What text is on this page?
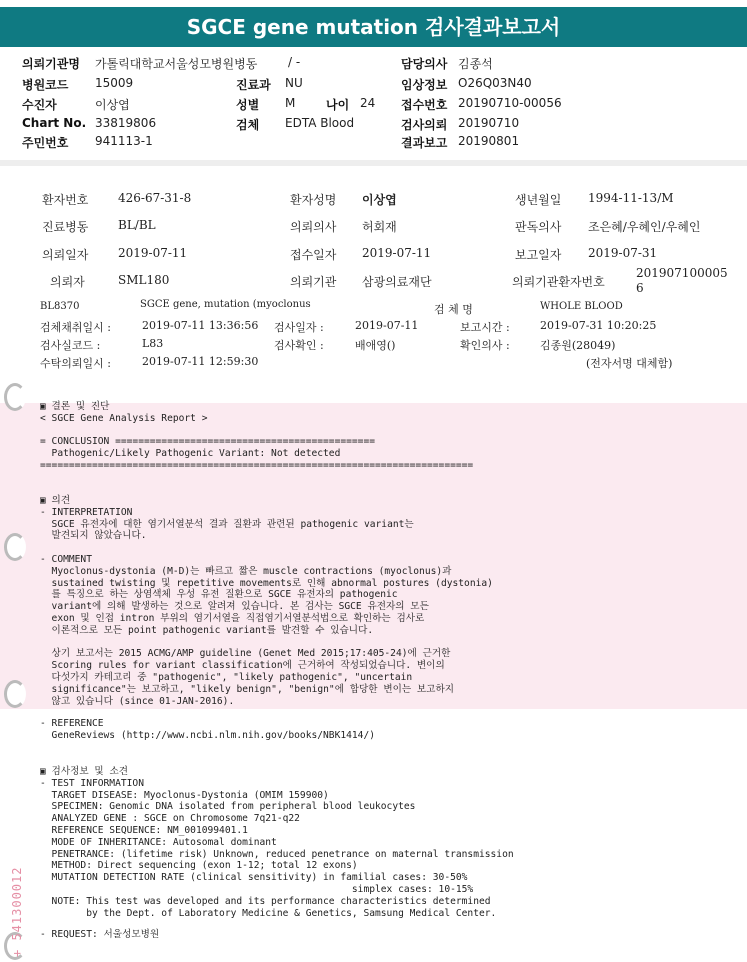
SGCE gene mutation 검사결과보고서
의뢰기관명 가톨릭대학교서울성모병원병동	/ -	담당의사 김종석
병원코드 15009	진료과 NU	임상정보 O26Q03N40
수진자	이상엽	성별 M	나이 24 접수번호 20190710-00056
Chart No. 33819806	검체 EDTA Blood	검사의뢰 20190710
주민번호 941113-1	결과보고 20190801
환자번호 426-67-31-8	환자성명 이상엽	생년월일 1994-11-13/M
진료병동 BL/BL	의뢰의사 허회재	판독의사 조은혜/우혜인/우혜인
의뢰일자 2019-07-11	접수일자 2019-07-11	보고일자 2019-07-31
의뢰자	SML180	의뢰기관 삼광의료재단	의뢰기관환자번호
201907100005
6
BL8370	SGCE gene, mutation (myoclonus	검 체 명	WHOLE BLOOD
검체채취일시 :	2019-07-11 13:36:56 검사일자 :	2019-07-11	보고시간 :	2019-07-31 10:20:25
검사실코드 :	L83	검사확인 :	배애영()	확인의사 :	김종원(28049)
수탁의뢰일시 :	2019-07-11 12:59:30	(전자서명 대체함)
▣ 결론 및 진단
< SGCE Gene Analysis Report >

= CONCLUSION =============================================
Pathogenic/Likely Pathogenic Variant: Not detected
===========================================================================
▣ 의견
- INTERPRETATION
SGCE 유전자에 대한 염기서열분석 결과 질환과 관련된 pathogenic variant는
발견되지 않았습니다.

- COMMENT
Myoclonus-dystonia (M-D)는 빠르고 짧은 muscle contractions (myoclonus)과
sustained twisting 및 repetitive movements로 인해 abnormal postures (dystonia)
를 특징으로 하는 상염색체 우성 유전 질환으로 SGCE 유전자의 pathogenic
variant에 의해 발생하는 것으로 알려져 있습니다. 본 검사는 SGCE 유전자의 모든
exon 및 인접 intron 부위의 염기서열을 직접염기서열분석법으로 확인하는 검사로
이론적으로 모든 point pathogenic variant를 발견할 수 있습니다.

상기 보고서는 2015 ACMG/AMP guideline (Genet Med 2015;17:405-24)에 근거한
Scoring rules for variant classification에 근거하여 작성되었습니다. 변이의
다섯가지 카테고리 중 "pathogenic", "likely pathogenic", "uncertain
significance"는 보고하고, "likely benign", "benign"에 합당한 변이는 보고하지
않고 있습니다 (since 01-JAN-2016).
- REFERENCE
GeneReviews (http://www.ncbi.nlm.nih.gov/books/NBK1414/)
▣ 검사정보 및 소견
- TEST INFORMATION
TARGET DISEASE: Myoclonus-Dystonia (OMIM 159900)
SPECIMEN: Genomic DNA isolated from peripheral blood leukocytes
ANALYZED GENE : SGCE on Chromosome 7q21-q22
REFERENCE SEQUENCE: NM_001099401.1
MODE OF INHERITANCE: Autosomal dominant
PENETRANCE: (lifetime risk) Unknown, reduced penetrance on maternal transmission
METHOD: Direct sequencing (exon 1-12; total 12 exons)
MUTATION DETECTION RATE (clinical sensitivity) in familial cases: 30-50%
simplex cases: 10-15%
NOTE: This test was developed and its performance characteristics determined
by the Dept. of Laboratory Medicine & Genetics, Samsung Medical Center.
- REQUEST: 서울성모병원
+ 541300012
